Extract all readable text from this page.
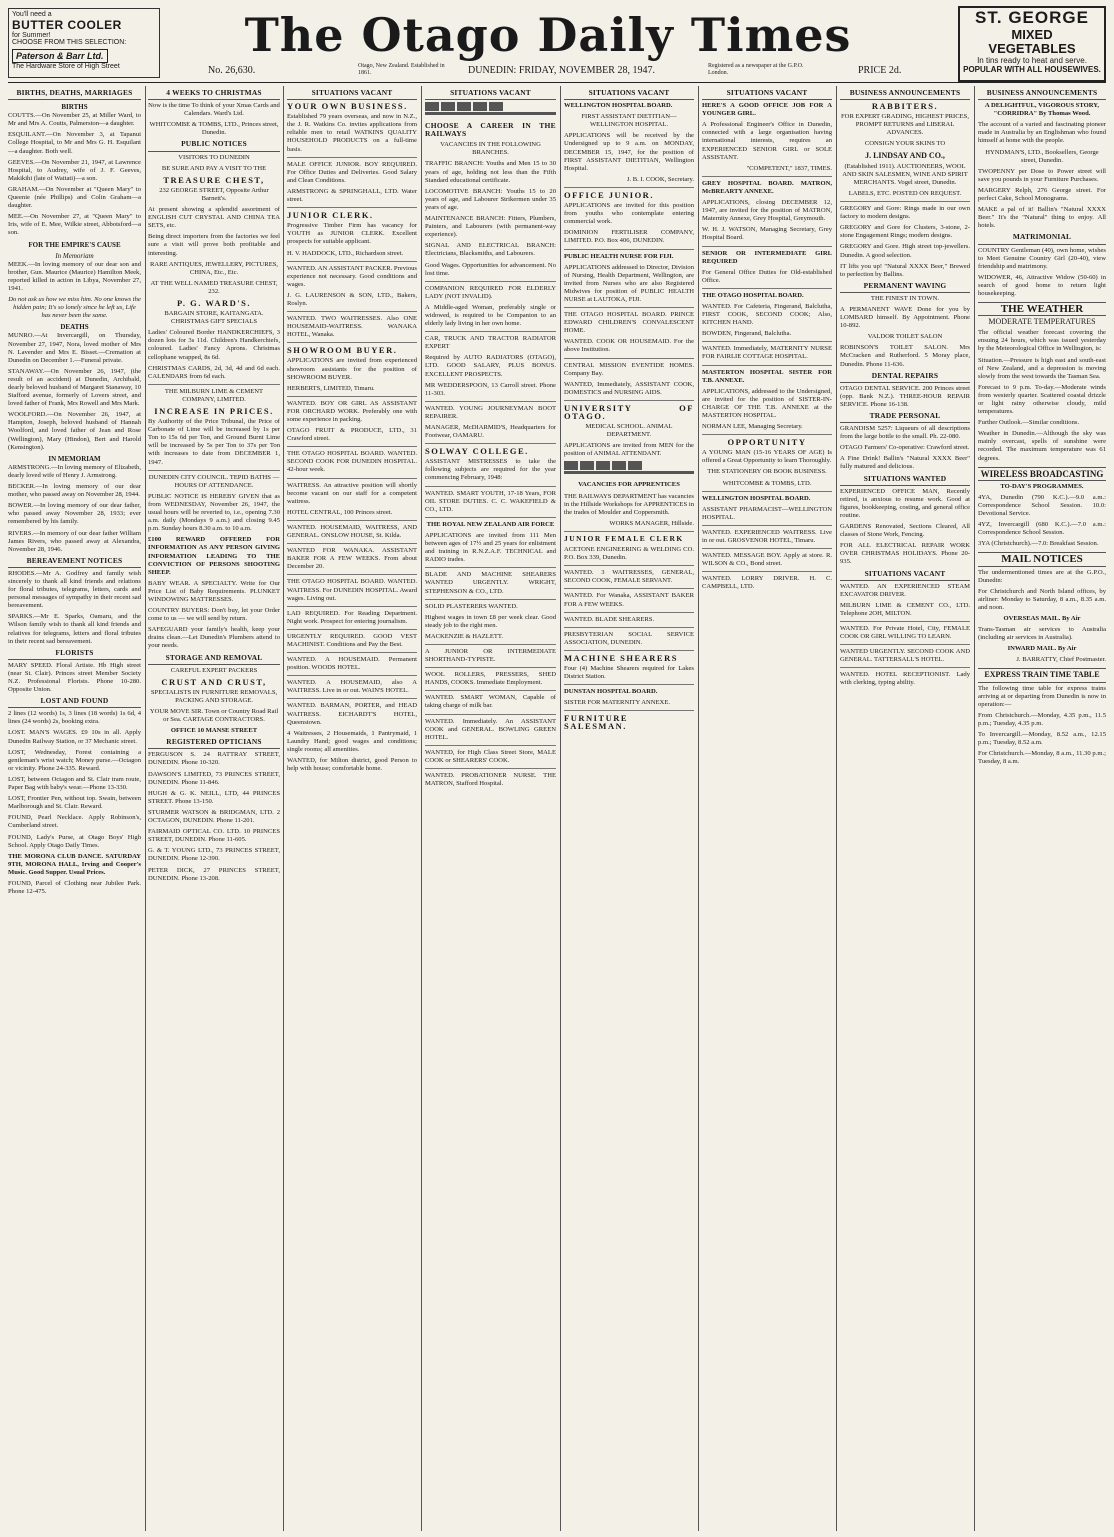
You'll need a
BUTTER COOLER
for Summer!
CHOOSE FROM THIS SELECTION:
Paterson & Barr Ltd.
The Hardware Store of High Street
The Otago Daily Times	ST. GEORGE
MIXED
VEGETABLES
In tins ready to heat and serve.
POPULAR WITH ALL HOUSEWIVES.
No. 26,630.	Otago, New Zealand. Established in 1861.	DUNEDIN: FRIDAY, NOVEMBER 28, 1947.	Registered as a newspaper at the G.P.O. London.	PRICE 2d.
BIRTHS, DEATHS, MARRIAGES
BIRTHS

COUTTS.—On November 25, at Miller Ward, to Mr and Mrs A. Coutts, Palmerston—a daughter.

ESQUILANT.—On November 3, at Tapanui College Hospital, to Mr and Mrs G. H. Esquilant—a daughter. Both well.

GEEVES.—On November 21, 1947, at Lawrence Hospital, to Audrey, wife of J. F. Geeves, Makikihi (late of Waitati)—a son.

GRAHAM.—On November at "Queen Mary" to Queenie (née Phillips) and Colin Graham—a daughter.

MEE.—On November 27, at "Queen Mary" to Iris, wife of E. Mee, Wilkie street, Abbotsford—a son.

FOR THE EMPIRE'S CAUSE
In Memoriam

MEEK.—In loving memory of our dear son and brother, Gun. Maurice (Maurice) Hamilton Meek, reported killed in action in Libya, November 27, 1941.

Do not ask us how we miss him. No one knows the hidden pain; It's so lonely since he left us, Life has never been the same.

DEATHS

MUNRO.—At Invercargill, on Thursday, November 27, 1947, Nora, loved mother of Mrs N. Lavender and Mrs E. Bisset.—Cremation at Dunedin on December 1.—Funeral private.

STANAWAY.—On November 26, 1947, (the result of an accident) at Dunedin, Archibald, dearly beloved husband of Margaret Stanaway, 10 Stafford avenue, formerly of Lovers street, and loved father of Frank, Mrs Rowell and Mrs Mark.

WOOLFORD.—On November 26, 1947, at Hampton, Joseph, beloved husband of Hannah Woolford, and loved father of Jean and Rose (Wellington), Mary (Hindon), Bert and Harold (Kensington).

IN MEMORIAM

ARMSTRONG.—In loving memory of Elizabeth, dearly loved wife of Henry J. Armstrong.

BECKER.—In loving memory of our dear mother, who passed away on November 28, 1944.

BOWER.—In loving memory of our dear father, who passed away November 28, 1933; ever remembered by his family.

RIVERS.—In memory of our dear father William James Rivers, who passed away at Alexandra, November 28, 1946.

BEREAVEMENT NOTICES

RHODES.—Mr A. Godfrey and family wish sincerely to thank all kind friends and relations for floral tributes, telegrams, letters, cards and personal messages of sympathy in their recent sad bereavement.

SPARKS.—Mr E. Sparks, Oamaru, and the Wilson family wish to thank all kind friends and relatives for telegrams, letters and floral tributes in their recent sad bereavement.

FLORISTS

MARY SPEED. Floral Artiste. Hb High street (near St. Clair). Princes street Member Society N.Z. Professional Florists. Phone 10-280. Opposite Union.

LOST AND FOUND

2 lines (12 words) 1s, 3 lines (18 words) 1s 6d, 4 lines (24 words) 2s, booking extra.

LOST. MAN'S WAGES. £9 10s in all. Apply Dunedin Railway Station, or 37 Mechanic street.

LOST, Wednesday, Forest containing a gentleman's wrist watch; Money purse.—Octagon or vicinity. Phone 24-335. Reward.

LOST, between Octagon and St. Clair tram route, Paper Bag with baby's wear.—Phone 13-330.

LOST, Frontier Pen, without top. Swain, between Marlborough and St. Clair. Reward.

FOUND, Pearl Necklace. Apply Robinson's, Cumberland street.

FOUND, Lady's Purse, at Otago Boys' High School. Apply Otago Daily Times.

THE MORONA CLUB DANCE. SATURDAY 9TH, MORONA HALL, Irving and Cooper's Music. Good Supper. Usual Prices.

FOUND, Parcel of Clothing near Jubilee Park. Phone 12-475.

4 WEEKS TO CHRISTMAS

Now is the time To think of your Xmas Cards and Calendars. Ward's Ltd.

WHITCOMBE & TOMBS, LTD., Princes street, Dunedin.

PUBLIC NOTICES

VISITORS TO DUNEDIN

BE SURE AND PAY A VISIT TO THE

TREASURE CHEST,

232 GEORGE STREET, Opposite Arthur Barnett's.

At present showing a splendid assortment of ENGLISH CUT CRYSTAL AND CHINA TEA SETS, etc.

Being direct importers from the factories we feel sure a visit will prove both profitable and interesting.

RARE ANTIQUES, JEWELLERY, PICTURES, CHINA, Etc., Etc.

AT THE WELL NAMED TREASURE CHEST, 232.

P. G. WARD'S.

BARGAIN STORE, KAITANGATA. CHRISTMAS GIFT SPECIALS

Ladies' Coloured Border HANDKERCHIEFS, 3 dozen lots for 3s 11d. Children's Handkerchiefs, coloured. Ladies' Fancy Aprons. Christmas cellophane wrapped, 8s 6d.

CHRISTMAS CARDS, 2d, 3d, 4d and 6d each. CALENDARS from 6d each.

THE MILBURN LIME & CEMENT COMPANY, LIMITED.

INCREASE IN PRICES.

By Authority of the Price Tribunal, the Price of Carbonate of Lime will be increased by 1s per Ton to 15s 6d per Ton, and Ground Burnt Lime will be increased by 5s per Ton to 37s per Ton with increases to date from DECEMBER 1, 1947.

DUNEDIN CITY COUNCIL. TEPID BATHS — HOURS OF ATTENDANCE.

PUBLIC NOTICE IS HEREBY GIVEN that as from WEDNESDAY, November 26, 1947, the usual hours will be reverted to, i.e., opening 7.30 a.m. daily (Mondays 9 a.m.) and closing 9.45 p.m. Sunday hours 8.30 a.m. to 10 a.m.

£100 REWARD OFFERED FOR INFORMATION AS ANY PERSON GIVING INFORMATION LEADING TO THE CONVICTION OF PERSONS SHOOTING SHEEP.

BABY WEAR. A SPECIALTY. Write for Our Price List of Baby Requirements. PLUNKET WINDOWING MATTRESSES.

COUNTRY BUYERS: Don't buy, let your Order come to us — we will send by return.

SAFEGUARD your family's health, keep your drains clean.—Let Dunedin's Plumbers attend to your needs.

STORAGE AND REMOVAL

CAREFUL EXPERT PACKERS

CRUST AND CRUST,

SPECIALISTS IN FURNITURE REMOVALS, PACKING AND STORAGE.

YOUR MOVE SIR. Town or Country Road Rail or Sea. CARTAGE CONTRACTORS.

OFFICE 10 MANSE STREET

REGISTERED OPTICIANS

FERGUSON S. 24 RATTRAY STREET, DUNEDIN. Phone 10-320.

DAWSON'S LIMITED, 73 PRINCES STREET, DUNEDIN. Phone 11-846.

HUGH & G. K. NEILL, LTD, 44 PRINCES STREET. Phone 13-150.

STURMER WATSON & BRIDGMAN, LTD. 2 OCTAGON, DUNEDIN. Phone 11-201.

FAIRMAID OPTICAL CO. LTD. 10 PRINCES STREET, DUNEDIN. Phone 11-605.

G. & T. YOUNG LTD., 73 PRINCES STREET, DUNEDIN. Phone 12-390.

PETER DICK, 27 PRINCES STREET, DUNEDIN. Phone 13-208.

SITUATIONS VACANT

YOUR OWN BUSINESS.

Established 79 years overseas, and now in N.Z., the J. R. Watkins Co. invites applications from reliable men to retail WATKINS QUALITY HOUSEHOLD PRODUCTS on a full-time basis.

MALE OFFICE JUNIOR. BOY REQUIRED. For Office Duties and Deliveries. Good Salary and Clean Conditions.

ARMSTRONG & SPRINGHALL, LTD. Water street.

JUNIOR CLERK.

Progressive Timber Firm has vacancy for YOUTH as JUNIOR CLERK. Excellent prospects for suitable applicant.

H. V. HADDOCK, LTD., Richardson street.

WANTED. AN ASSISTANT PACKER. Previous experience not necessary. Good conditions and wages.

J. G. LAURENSON & SON, LTD., Bakers, Roslyn.

WANTED. TWO WAITRESSES. Also ONE HOUSEMAID-WAITRESS. WANAKA HOTEL, Wanaka.

SHOWROOM BUYER.

APPLICATIONS are invited from experienced showroom assistants for the position of SHOWROOM BUYER.

HERBERTS, LIMITED, Timaru.

WANTED. BOY OR GIRL AS ASSISTANT FOR ORCHARD WORK. Preferably one with some experience in packing.

OTAGO FRUIT & PRODUCE, LTD., 31 Crawford street.

THE OTAGO HOSPITAL BOARD. WANTED. SECOND COOK FOR DUNEDIN HOSPITAL. 42-hour week.

WAITRESS. An attractive position will shortly become vacant on our staff for a competent waitress.

HOTEL CENTRAL, 100 Princes street.

WANTED. HOUSEMAID, WAITRESS, AND GENERAL. ONSLOW HOUSE, St. Kilda.

WANTED FOR WANAKA. ASSISTANT BAKER FOR A FEW WEEKS. From about December 20.

THE OTAGO HOSPITAL BOARD. WANTED. WAITRESS. For DUNEDIN HOSPITAL. Award wages. Living out.

LAD REQUIRED. For Reading Department. Night work. Prospect for entering journalism.

URGENTLY REQUIRED. GOOD VEST MACHINIST. Conditions and Pay the Best.

WANTED. A HOUSEMAID. Permanent position. WOODS HOTEL.

WANTED. A HOUSEMAID, also A WAITRESS. Live in or out. WAIN'S HOTEL.

WANTED. BARMAN, PORTER, and HEAD WAITRESS. EICHARDT'S HOTEL, Queenstown.

4 Waitresses, 2 Housemaids, 1 Pantrymaid, 1 Laundry Hand; good wages and conditions; single rooms; all amenities.

WANTED, for Milton district, good Person to help with house; comfortable home.

SITUATIONS VACANT

CHOOSE A CAREER IN THE RAILWAYS

VACANCIES IN THE FOLLOWING BRANCHES.

TRAFFIC BRANCH: Youths and Men 15 to 30 years of age, holding not less than the Fifth Standard educational certificate.

LOCOMOTIVE BRANCH: Youths 15 to 20 years of age, and Labourer Strikermen under 35 years of age.

MAINTENANCE BRANCH: Fitters, Plumbers, Painters, and Labourers (with permanent-way experience).

SIGNAL AND ELECTRICAL BRANCH: Electricians, Blacksmiths, and Labourers.

Good Wages. Opportunities for advancement. No lost time.

COMPANION REQUIRED FOR ELDERLY LADY (NOT INVALID).

A Middle-aged Woman, preferably single or widowed, is required to be Companion to an elderly lady living in her own home.

CAR, TRUCK AND TRACTOR RADIATOR EXPERT

Required by AUTO RADIATORS (OTAGO), LTD. GOOD SALARY, PLUS BONUS. EXCELLENT PROSPECTS.

MR WEDDERSPOON, 13 Carroll street. Phone 11-303.

WANTED. YOUNG JOURNEYMAN BOOT REPAIRER.

MANAGER, McDIARMID'S, Headquarters for Footwear, OAMARU.

SOLWAY COLLEGE.

ASSISTANT MISTRESSES to take the following subjects are required for the year commencing February, 1948:

WANTED. SMART YOUTH, 17-18 Years, FOR OIL STORE DUTIES. C. C. WAKEFIELD & CO., LTD.

THE ROYAL NEW ZEALAND AIR FORCE

APPLICATIONS are invited from 111 Men between ages of 17½ and 25 years for enlistment and training in R.N.Z.A.F. TECHNICAL and RADIO trades.

BLADE AND MACHINE SHEARERS WANTED URGENTLY. WRIGHT, STEPHENSON & CO., LTD.

SOLID PLASTERERS WANTED.

Highest wages in town £8 per week clear. Good steady job to the right men.

MACKENZIE & HAZLETT.

A JUNIOR OR INTERMEDIATE SHORTHAND-TYPISTE.

WOOL ROLLERS, PRESSERS, SHED HANDS, COOKS. Immediate Employment.

WANTED. SMART WOMAN, Capable of taking charge of milk bar.

WANTED. Immediately. An ASSISTANT COOK and GENERAL. BOWLING GREEN HOTEL.

WANTED, for High Class Street Store, MALE COOK or SHEARERS' COOK.

WANTED. PROBATIONER NURSE. THE MATRON, Stafford Hospital.

SITUATIONS VACANT

WELLINGTON HOSPITAL BOARD.

FIRST ASSISTANT DIETITIAN—WELLINGTON HOSPITAL.

APPLICATIONS will be received by the Undersigned up to 9 a.m. on MONDAY, DECEMBER 15, 1947, for the position of FIRST ASSISTANT DIETITIAN, Wellington Hospital.

J. B. I. COOK, Secretary.

OFFICE JUNIOR.

APPLICATIONS are invited for this position from youths who contemplate entering commercial work.

DOMINION FERTILISER COMPANY, LIMITED. P.O. Box 406, DUNEDIN.

PUBLIC HEALTH NURSE FOR FIJI.

APPLICATIONS addressed to Director, Division of Nursing, Health Department, Wellington, are invited from Nurses who are also Registered Midwives for position of PUBLIC HEALTH NURSE at LAUTOKA, FIJI.

THE OTAGO HOSPITAL BOARD. PRINCE EDWARD CHILDREN'S CONVALESCENT HOME.

WANTED. COOK OR HOUSEMAID. For the above Institution.

CENTRAL MISSION EVENTIDE HOMES. Company Bay.

WANTED, Immediately, ASSISTANT COOK, DOMESTICS and NURSING AIDS.

UNIVERSITY OF OTAGO.

MEDICAL SCHOOL. ANIMAL DEPARTMENT.

APPLICATIONS are invited from MEN for the position of ANIMAL ATTENDANT.

VACANCIES FOR APPRENTICES

THE RAILWAYS DEPARTMENT has vacancies in the Hillside Workshops for APPRENTICES in the trades of Moulder and Coppersmith.

WORKS MANAGER, Hillside.

JUNIOR FEMALE CLERK

ACETONE ENGINEERING & WELDING CO. P.O. Box 339, Dunedin.

WANTED. 3 WAITRESSES, GENERAL, SECOND COOK, FEMALE SERVANT.

WANTED. For Wanaka, ASSISTANT BAKER FOR A FEW WEEKS.

WANTED. BLADE SHEARERS.

PRESBYTERIAN SOCIAL SERVICE ASSOCIATION, DUNEDIN.

MACHINE SHEARERS

Four (4) Machine Shearers required for Lakes District Station.

DUNSTAN HOSPITAL BOARD.

SISTER FOR MATERNITY ANNEXE.

FURNITURE SALESMAN.

SITUATIONS VACANT

HERE'S A GOOD OFFICE JOB FOR A YOUNGER GIRL.

A Professional Engineer's Office in Dunedin, connected with a large organisation having international interests, requires an EXPERIENCED SENIOR GIRL or SOLE ASSISTANT.

"COMPETENT," 1837, TIMES.

GREY HOSPITAL BOARD. MATRON, McBREARTY ANNEXE.

APPLICATIONS, closing DECEMBER 12, 1947, are invited for the position of MATRON, Maternity Annexe, Grey Hospital, Greymouth.

W. H. J. WATSON, Managing Secretary, Grey Hospital Board.

SENIOR OR INTERMEDIATE GIRL REQUIRED

For General Office Duties for Old-established Office.

THE OTAGO HOSPITAL BOARD.

WANTED. For Cafeteria, Fingerand, Balclutha, FIRST COOK, SECOND COOK; Also, KITCHEN HAND.

BOWDEN, Fingerand, Balclutha.

WANTED. Immediately, MATERNITY NURSE FOR FAIRLIE COTTAGE HOSPITAL.

MASTERTON HOSPITAL SISTER FOR T.B. ANNEXE.

APPLICATIONS, addressed to the Undersigned, are invited for the position of SISTER-IN-CHARGE OF THE T.B. ANNEXE at the MASTERTON HOSPITAL.

NORMAN LEE, Managing Secretary.

OPPORTUNITY

A YOUNG MAN (15-16 YEARS OF AGE) Is offered a Great Opportunity to learn Thoroughly.

THE STATIONERY OR BOOK BUSINESS.

WHITCOMBE & TOMBS, LTD.

WELLINGTON HOSPITAL BOARD.

ASSISTANT PHARMACIST—WELLINGTON HOSPITAL.

WANTED. EXPERIENCED WAITRESS. Live in or out. GROSVENOR HOTEL, Timaru.

WANTED. MESSAGE BOY. Apply at store. R. WILSON & CO., Bond street.

WANTED. LORRY DRIVER. H. C. CAMPBELL, LTD.

BUSINESS ANNOUNCEMENTS

RABBITERS.

FOR EXPERT GRADING, HIGHEST PRICES, PROMPT RETURNS and LIBERAL ADVANCES.

CONSIGN YOUR SKINS TO

J. LINDSAY AND CO.,

(Established 1911). AUCTIONEERS, WOOL AND SKIN SALESMEN, WINE AND SPIRIT MERCHANTS. Vogel street, Dunedin.

LABELS, ETC. POSTED ON REQUEST.

GREGORY and Gore: Rings made in our own factory to modern designs.

GREGORY and Gore for Clusters, 3-stone, 2-stone Engagement Rings; modern designs.

GREGORY and Gore. High street top-jewellers. Dunedin. A good selection.

IT lifts you up! "Natural XXXX Beer," Brewed to perfection by Ballins.

PERMANENT WAVING

THE FINEST IN TOWN.

A PERMANENT WAVE Done for you by LOMBARD himself. By Appointment. Phone 10-892.

VALDOR TOILET SALON

ROBINSON'S TOILET SALON. Mrs McCracken and Rutherford. 5 Moray place, Dunedin. Phone 11-636.

DENTAL REPAIRS

OTAGO DENTAL SERVICE. 200 Princes street (opp. Bank N.Z.). THREE-HOUR REPAIR SERVICE. Phone 16-138.

TRADE PERSONAL

GRANDISM 5257: Liqueurs of all descriptions from the large bottle to the small. Ph. 22-080.

OTAGO Farmers' Co-operative: Crawford street.

A Fine Drink! Ballin's "Natural XXXX Beer" fully matured and delicious.

SITUATIONS WANTED

EXPERIENCED OFFICE MAN, Recently retired, is anxious to resume work. Good at figures, bookkeeping, costing, and general office routine.

GARDENS Renovated, Sections Cleared, All classes of Stone Work, Fencing.

FOR ALL ELECTRICAL REPAIR WORK OVER CHRISTMAS HOLIDAYS. Phone 20-935.

SITUATIONS VACANT

WANTED. AN EXPERIENCED STEAM EXCAVATOR DRIVER.

MILBURN LIME & CEMENT CO., LTD. Telephone 2OH, MILTON.

WANTED. For Private Hotel, City, FEMALE COOK OR GIRL WILLING TO LEARN.

WANTED URGENTLY. SECOND COOK AND GENERAL. TATTERSALL'S HOTEL.

WANTED. HOTEL RECEPTIONIST. Lady with clerking, typing ability.

BUSINESS ANNOUNCEMENTS

A DELIGHTFUL, VIGOROUS STORY, "CORRIDRA" By Thomas Wood.

The account of a varied and fascinating pioneer made in Australia by an Englishman who found himself at home with the people.

HYNDMAN'S, LTD., Booksellers, George street, Dunedin.

TWOPENNY per Dose to Power street will save you pounds in your Furniture Purchases.

MARGERY Relph, 276 George street. For perfect Cake, School Monograms.

MAKE a pal of it! Ballin's "Natural XXXX Beer." It's the "Natural" thing to enjoy. All hotels.

MATRIMONIAL

COUNTRY Gentleman (40), own home, wishes to Meet Genuine Country Girl (20-40), view friendship and matrimony.

WIDOWER, 46, Attractive Widow (50-60) in search of good home to return light housekeeping.

THE WEATHER

MODERATE TEMPERATURES

The official weather forecast covering the ensuing 24 hours, which was issued yesterday by the Meteorological Office in Wellington, is:

Situation.—Pressure is high east and south-east of New Zealand, and a depression is moving slowly from the west towards the Tasman Sea.

Forecast to 9 p.m. To-day.—Moderate winds from westerly quarter. Scattered coastal drizzle or light rainy otherwise cloudy, mild temperatures.

Further Outlook.—Similar conditions.

Weather in Dunedin.—Although the sky was mainly overcast, spells of sunshine were recorded. The maximum temperature was 61 degrees.

WIRELESS BROADCASTING

TO-DAY'S PROGRAMMES.

4YA, Dunedin (790 K.C.).—9.0 a.m.: Correspondence School Session. 10.0: Devotional Service.

4YZ, Invercargill (680 K.C.).—7.0 a.m.: Correspondence School Session.

3YA (Christchurch).—7.0: Breakfast Session.

MAIL NOTICES

The undermentioned times are at the G.P.O., Dunedin:

For Christchurch and North Island offices, by airliner: Monday to Saturday, 8 a.m., 8.35 a.m. and noon.

OVERSEAS MAIL. By Air

Trans-Tasman air services to Australia (including air services in Australia).

INWARD MAIL. By Air

J. BARRATTY, Chief Postmaster.

EXPRESS TRAIN TIME TABLE

The following time table for express trains arriving at or departing from Dunedin is now in operation:—

From Christchurch.—Monday, 4.35 p.m., 11.5 p.m.; Tuesday, 4.35 p.m.

To Invercargill.—Monday, 8.52 a.m., 12.15 p.m.; Tuesday, 8.52 a.m.

For Christchurch.—Monday, 8 a.m., 11.30 p.m.; Tuesday, 8 a.m.
